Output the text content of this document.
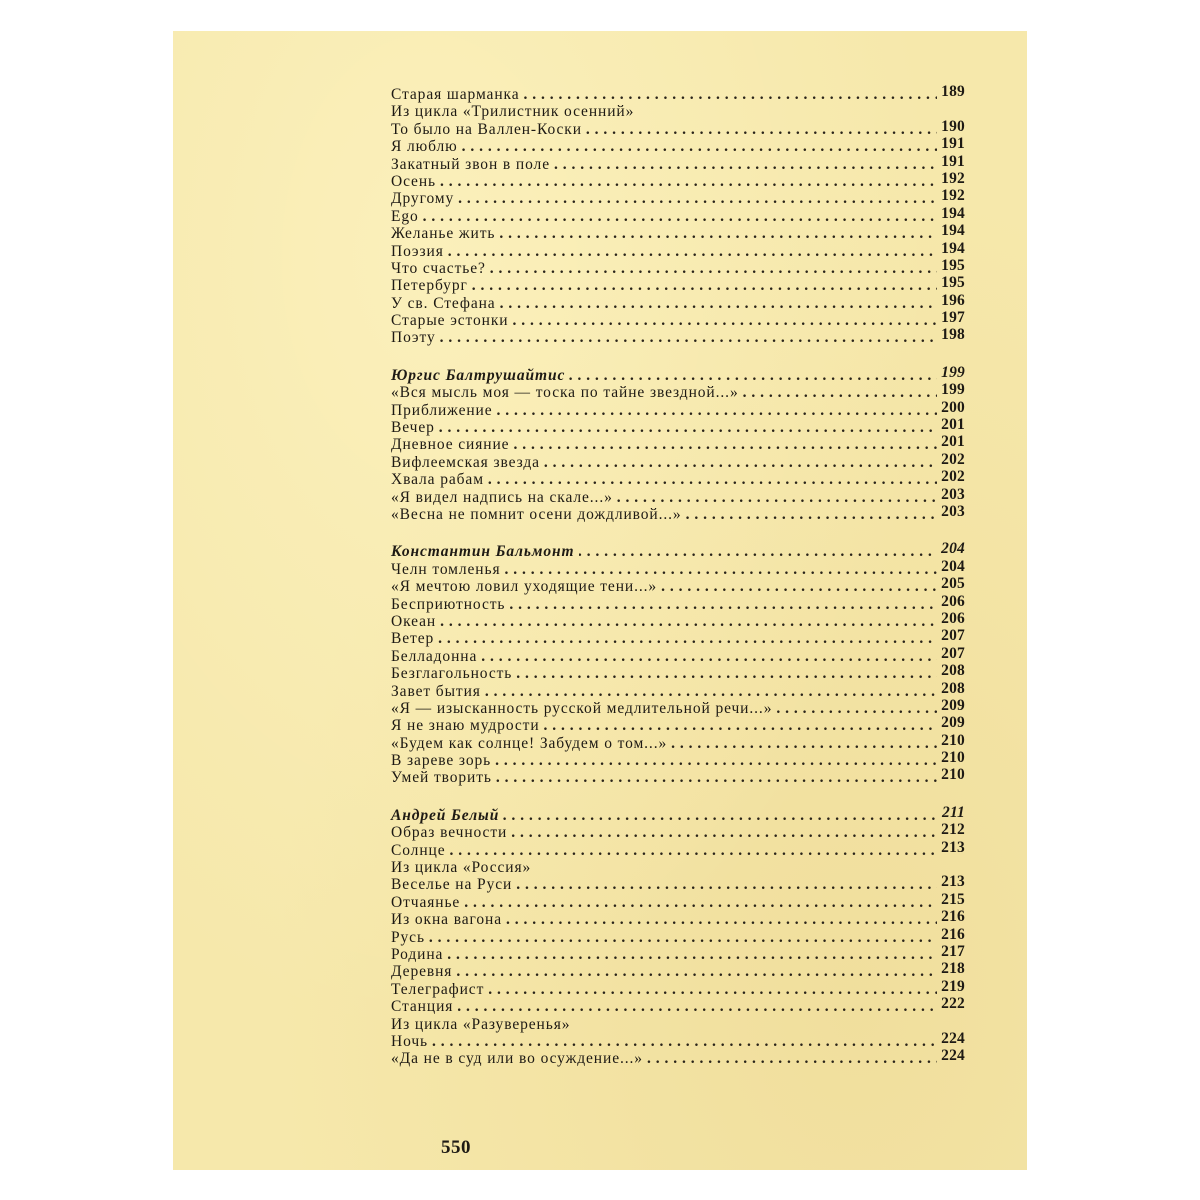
Старая шарманка . . .	189
Из цикла «Трилистник осенний»
То было на Валлен-Коски . . .	190
Я люблю . . .	191
Закатный звон в поле . . .	191
Осень . . .	192
Другому . . .	192
Ego . . .	194
Желанье жить . . .	194
Поэзия . . .	194
Что счастье? . . .	195
Петербург . . .	195
У св. Стефана . . .	196
Старые эстонки . . .	197
Поэту . . .	198
Юргис Балтрушайтис . . .	199
«Вся мысль моя — тоска по тайне звездной...» . . .	199
Приближение . . .	200
Вечер . . .	201
Дневное сияние . . .	201
Вифлеемская звезда . . .	202
Хвала рабам . . .	202
«Я видел надпись на скале...» . . .	203
«Весна не помнит осени дождливой...» . . .	203
Константин Бальмонт . . .	204
Челн томленья . . .	204
«Я мечтою ловил уходящие тени...» . . .	205
Бесприютность . . .	206
Океан . . .	206
Ветер . . .	207
Белладонна . . .	207
Безглагольность . . .	208
Завет бытия . . .	208
«Я — изысканность русской медлительной речи...» . . .	209
Я не знаю мудрости . . .	209
«Будем как солнце! Забудем о том...» . . .	210
В зареве зорь . . .	210
Умей творить . . .	210
Андрей Белый . . .	211
Образ вечности . . .	212
Солнце . . .	213
Из цикла «Россия»
Веселье на Руси . . .	213
Отчаянье . . .	215
Из окна вагона . . .	216
Русь . . .	216
Родина . . .	217
Деревня . . .	218
Телеграфист . . .	219
Станция . . .	222
Из цикла «Разуверенья»
Ночь . . .	224
«Да не в суд или во осуждение...» . . .	224
550
